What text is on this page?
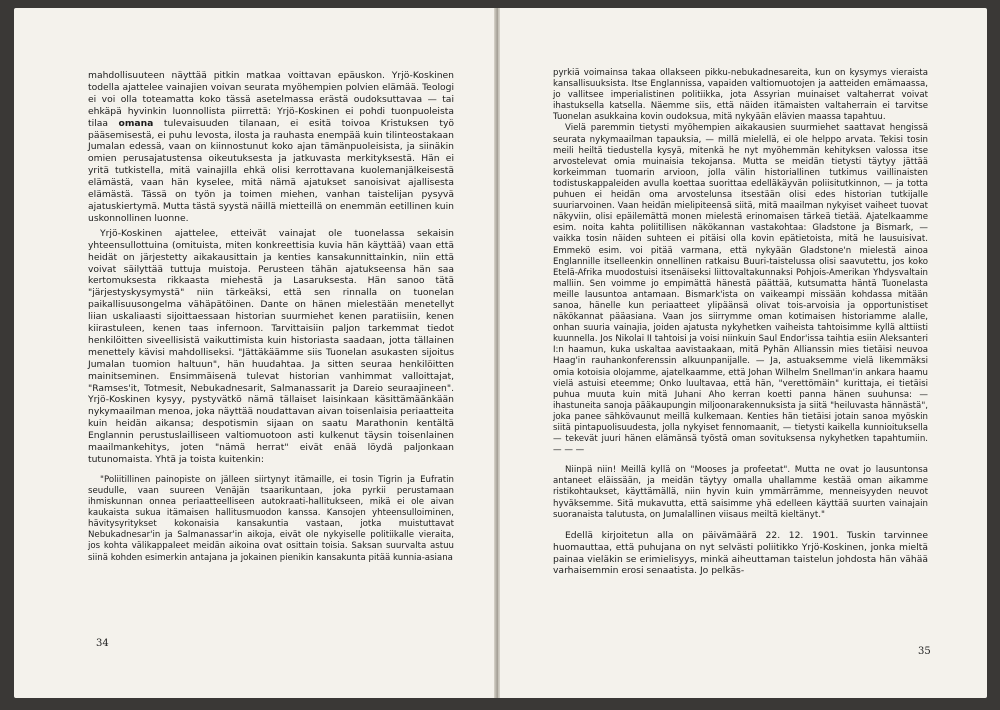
mahdollisuuteen näyttää pitkin matkaa voittavan epäuskon. Yrjö-Koskinen todella ajattelee vainajien voivan seurata myöhempien polvien elämää. Teologi ei voi olla toteamatta koko tässä asetelmassa erästä oudoksuttavaa — tai ehkäpä hyvinkin luonnollista piirrettä: Yrjö-Koskinen ei pohdi tuonpuoleista tilaa omana tulevaisuuden tilanaan, ei esitä toivoa Kristuksen työ pääsemisestä, ei puhu levosta, ilosta ja rauhasta enempää kuin tilinteostakaan Jumalan edessä, vaan on kiinnostunut koko ajan tämänpuoleisista, ja siinäkin omien perusajatustensa oikeutuksesta ja jatkuvasta merkityksestä. Hän ei yritä tutkistella, mitä vainajilla ehkä olisi kerrottavana kuolemanjälkeisestä elämästä, vaan hän kyselee, mitä nämä ajatukset sanoisivat ajallisesta elämästä. Tässä on työn ja toimen miehen, vanhan taistelijan pysyvä ajatuskiertymä. Mutta tästä syystä näillä mietteillä on enemmän eetillinen kuin uskonnollinen luonne.

Yrjö-Koskinen ajattelee, etteivät vainajat ole tuonelassa sekaisin yhteensullottuina (omituista, miten konkreettisia kuvia hän käyttää) vaan että heidät on järjestetty aikakausittain ja kenties kansakunnittainkin, niin että voivat säilyttää tuttuja muistoja. Perusteen tähän ajatukseensa hän saa kertomuksesta rikkaasta miehestä ja Lasaruksesta. Hän sanoo tätä "järjestyskysymystä" niin tärkeäksi, että sen rinnalla on tuonelan paikallisuusongelma vähäpätöinen. Dante on hänen mielestään menetellyt liian uskaliaasti sijoittaessaan historian suurmiehet kenen paratiisiin, kenen kiirastuleen, kenen taas infernoon. Tarvittaisiin paljon tarkemmat tiedot henkilöitten siveellisistä vaikuttimista kuin historiasta saadaan, jotta tällainen menettely kävisi mahdolliseksi. "Jättäkäämme siis Tuonelan asukasten sijoitus Jumalan tuomion haltuun", hän huudahtaa. Ja sitten seuraa henkilöitten mainitseminen. Ensimmäisenä tulevat historian vanhimmat valloittajat, "Ramses'it, Totmesit, Nebukadnesarit, Salmanassarit ja Dareio seuraajineen". Yrjö-Koskinen kysyy, pystyvätkö nämä tällaiset laisinkaan käsittämäänkään nykymaailman menoa, joka näyttää noudattavan aivan toisenlaisia periaatteita kuin heidän aikansa; despotismin sijaan on saatu Marathonin kentältä Englannin perustuslailliseen valtiomuotoon asti kulkenut täysin toisenlainen maailmankehitys, joten "nämä herrat" eivät enää löydä paljonkaan tutunomaista. Yhtä ja toista kuitenkin:

"Poliitillinen painopiste on jälleen siirtynyt itämaille, ei tosin Tigrin ja Eufratin seudulle, vaan suureen Venäjän tsaarikuntaan, joka pyrkii perustamaan ihmiskunnan onnea periaatteelliseen autokraati-hallitukseen, mikä ei ole aivan kaukaista sukua itämaisen hallitusmuodon kanssa. Kansojen yhteensulloiminen, hävitysyritykset kokonaisia kansakuntia vastaan, jotka muistuttavat Nebukadnesar'in ja Salmanassar'in aikoja, eivät ole nykyiselle politiikalle vieraita, jos kohta välikappaleet meidän aikoina ovat osittain toisia. Saksan suurvalta astuu siinä kohden esimerkin antajana ja jokainen pienikin kansakunta pitää kunnia-asiana

34

pyrkiä voimainsa takaa ollakseen pikku-nebukadnesareita, kun on kysymys vieraista kansallisuuksista. Itse Englannissa, vapaiden valtiomuotojen ja aatteiden emämaassa, jo vallitsee imperialistinen politiikka, jota Assyrian muinaiset valtaherrat voivat ihastuksella katsella. Näemme siis, että näiden itämaisten valtaherrain ei tarvitse Tuonelan asukkaina kovin oudoksua, mitä nykyään elävien maassa tapahtuu.

Vielä paremmin tietysti myöhempien aikakausien suurmiehet saattavat hengissä seurata nykymaailman tapauksia, — millä mielellä, ei ole helppo arvata. Tekisi tosin meili heiltä tiedustella kysyä, mitenkä he nyt myöhemmän kehityksen valossa itse arvostelevat omia muinaisia tekojansa. Mutta se meidän tietysti täytyy jättää korkeimman tuomarin arvioon, jolla välin historiallinen tutkimus vaillinaisten todistuskappaleiden avulla koettaa suorittaa edelläkäyvän poliisitutkinnon, — ja totta puhuen ei heidän oma arvostelunsa itsestään olisi edes historian tutkijalle suuriarvoinen. Vaan heidän mielipiteensä siitä, mitä maailman nykyiset vaiheet tuovat näkyviin, olisi epäilemättä monen mielestä erinomaisen tärkeä tietää. Ajatelkaamme esim. noita kahta poliitillisen näkökannan vastakohtaa: Gladstone ja Bismark, — vaikka tosin näiden suhteen ei pitäisi olla kovin epätietoista, mitä he lausuisivat. Emmekö esim. voi pitää varmana, että nykyään Gladstone'n mielestä ainoa Englannille itselleenkin onnellinen ratkaisu Buuri-taistelussa olisi saavutettu, jos koko Etelä-Afrika muodostuisi itsenäiseksi liittovaltakunnaksi Pohjois-Amerikan Yhdysvaltain malliin. Sen voimme jo empimättä hänestä päättää, kutsumatta häntä Tuonelasta meille lausuntoa antamaan. Bismark'ista on vaikeampi missään kohdassa mitään sanoa, hänelle kun periaatteet ylipäänsä olivat tois-arvoisia ja opportunistiset näkökannat pääasiana. Vaan jos siirrymme oman kotimaisen historiamme alalle, onhan suuria vainajia, joiden ajatusta nykyhetken vaiheista tahtoisimme kyllä alttiisti kuunnella. Jos Nikolai II tahtoisi ja voisi niinkuin Saul Endor'issa taihtia esiin Aleksanteri I:n haamun, kuka uskaltaa aavistaakaan, mitä Pyhän Allianssin mies tietäisi neuvoa Haag'in rauhankonferenssin alkuunpanijalle. — Ja, astuaksemme vielä likemmäksi omia kotoisia olojamme, ajatelkaamme, että Johan Wilhelm Snellman'in ankara haamu vielä astuisi eteemme; Onko luultavaa, että hän, "verettömäin" kurittaja, ei tietäisi puhua muuta kuin mitä Juhani Aho kerran koetti panna hänen suuhunsa: — ihastuneita sanoja pääkaupungin miljoonarakennuksista ja siitä "heiluvasta hännästä", joka panee sähkövaunut meillä kulkemaan. Kenties hän tietäisi jotain sanoa myöskin siitä pintapuolisuudesta, jolla nykyiset fennomaanit, — tietysti kaikella kunnioituksella — tekevät juuri hänen elämänsä työstä oman sovituksensa nykyhetken tapahtumiin. — — —

Niinpä niin! Meillä kyllä on "Mooses ja profeetat". Mutta ne ovat jo lausuntonsa antaneet eläissään, ja meidän täytyy omalla uhallamme kestää oman aikamme ristikohtaukset, käyttämällä, niin hyvin kuin ymmärrämme, menneisyyden neuvot hyväksemme. Sitä mukavutta, että saisimme yhä edelleen käyttää suurten vainajain suoranaista talutusta, on Jumalallinen viisaus meiltä kieltänyt."

Edellä kirjoitetun alla on päivämäärä 22. 12. 1901. Tuskin tarvinnee huomauttaa, että puhujana on nyt selvästi poliitikko Yrjö-Koskinen, jonka mieltä painaa vieläkin se erimielisyys, minkä aiheuttaman taistelun johdosta hän vähää varhaisemmin erosi senaatista. Jo pelkäs-

35
